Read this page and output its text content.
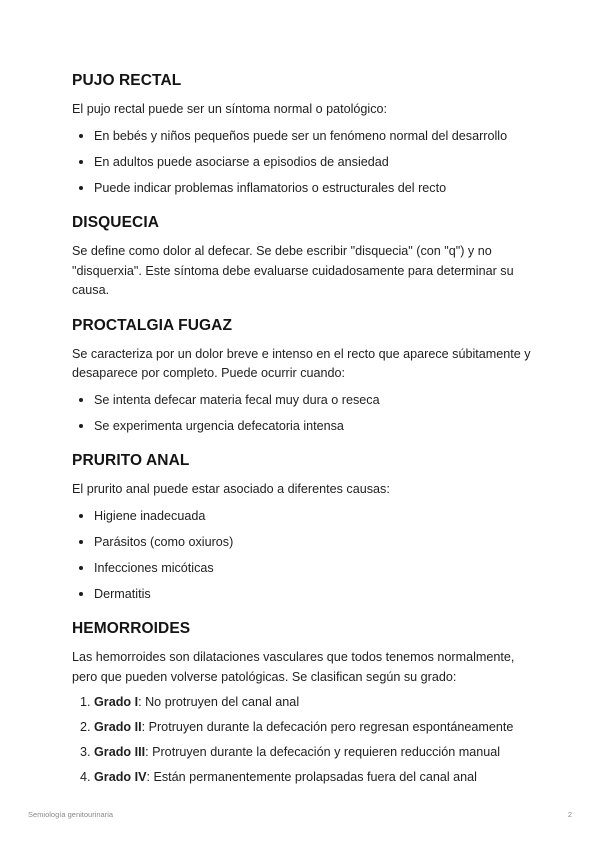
PUJO RECTAL

El pujo rectal puede ser un síntoma normal o patológico:

• En bebés y niños pequeños puede ser un fenómeno normal del desarrollo
• En adultos puede asociarse a episodios de ansiedad
• Puede indicar problemas inflamatorios o estructurales del recto
DISQUECIA

Se define como dolor al defecar. Se debe escribir "disquecia" (con "q") y no "disquerxia". Este síntoma debe evaluarse cuidadosamente para determinar su causa.

PROCTALGIA FUGAZ

Se caracteriza por un dolor breve e intenso en el recto que aparece súbitamente y desaparece por completo. Puede ocurrir cuando:

• Se intenta defecar materia fecal muy dura o reseca
• Se experimenta urgencia defecatoria intensa
PRURITO ANAL

El prurito anal puede estar asociado a diferentes causas:

• Higiene inadecuada
• Parásitos (como oxiuros)
• Infecciones micóticas
• Dermatitis
HEMORROIDES

Las hemorroides son dilataciones vasculares que todos tenemos normalmente, pero que pueden volverse patológicas. Se clasifican según su grado:

1. Grado I: No protruyen del canal anal
2. Grado II: Protruyen durante la defecación pero regresan espontáneamente
3. Grado III: Protruyen durante la defecación y requieren reducción manual
4. Grado IV: Están permanentemente prolapsadas fuera del canal anal
Semiología genitourinaria	2
